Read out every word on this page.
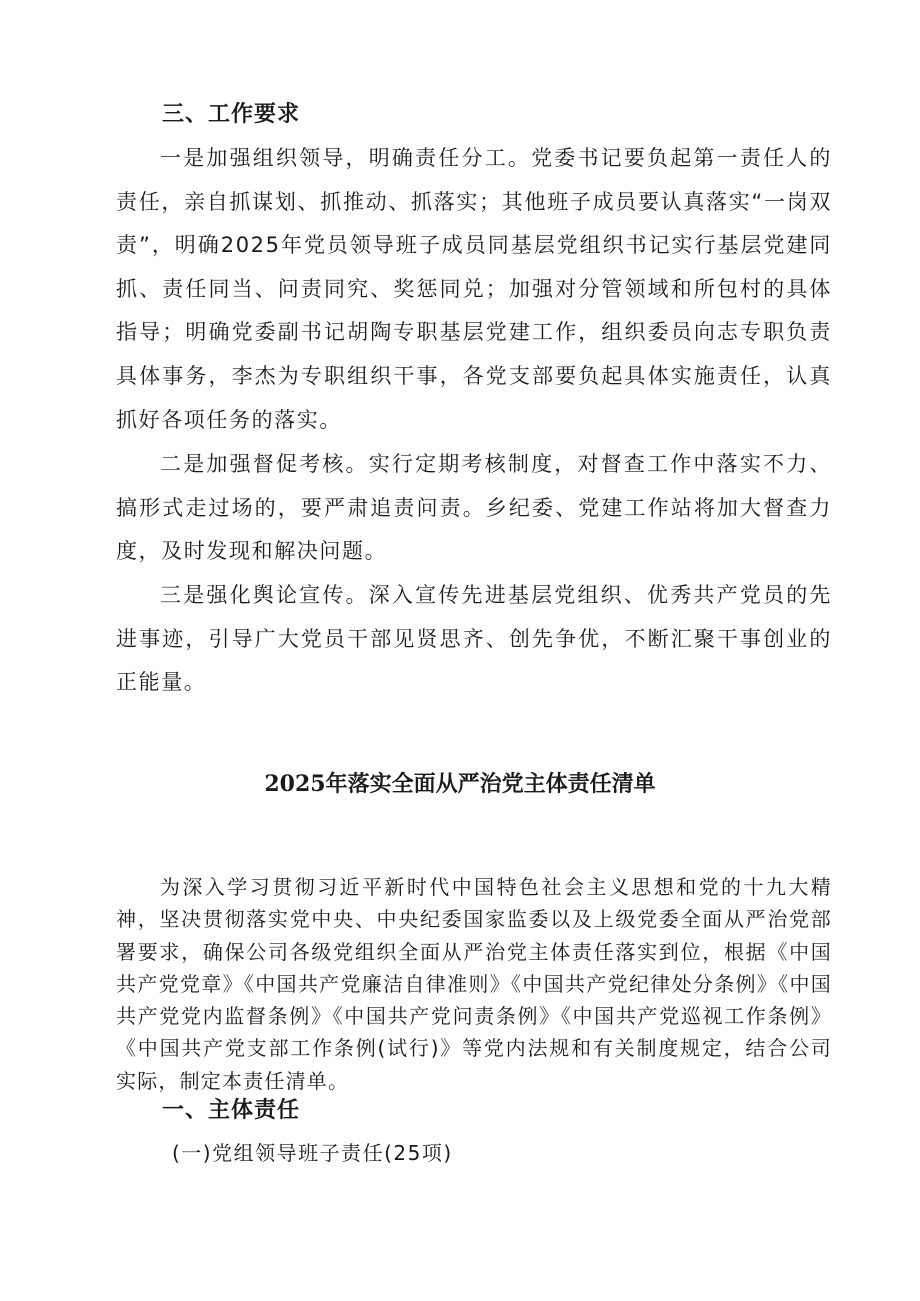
三、工作要求

一是加强组织领导，明确责任分工。党委书记要负起第一责任人的责任，亲自抓谋划、抓推动、抓落实；其他班子成员要认真落实“一岗双责”，明确2025年党员领导班子成员同基层党组织书记实行基层党建同抓、责任同当、问责同究、奖惩同兑；加强对分管领域和所包村的具体指导；明确党委副书记胡陶专职基层党建工作，组织委员向志专职负责具体事务，李杰为专职组织干事，各党支部要负起具体实施责任，认真抓好各项任务的落实。

二是加强督促考核。实行定期考核制度，对督查工作中落实不力、搞形式走过场的，要严肃追责问责。乡纪委、党建工作站将加大督查力度，及时发现和解决问题。

三是强化舆论宣传。深入宣传先进基层党组织、优秀共产党员的先进事迹，引导广大党员干部见贤思齐、创先争优，不断汇聚干事创业的正能量。

2025年落实全面从严治党主体责任清单

为深入学习贯彻习近平新时代中国特色社会主义思想和党的十九大精神，坚决贯彻落实党中央、中央纪委国家监委以及上级党委全面从严治党部署要求，确保公司各级党组织全面从严治党主体责任落实到位，根据《中国共产党党章》《中国共产党廉洁自律准则》《中国共产党纪律处分条例》《中国共产党党内监督条例》《中国共产党问责条例》《中国共产党巡视工作条例》《中国共产党支部工作条例(试行)》等党内法规和有关制度规定，结合公司实际，制定本责任清单。

一、主体责任

(一)党组领导班子责任(25项)
